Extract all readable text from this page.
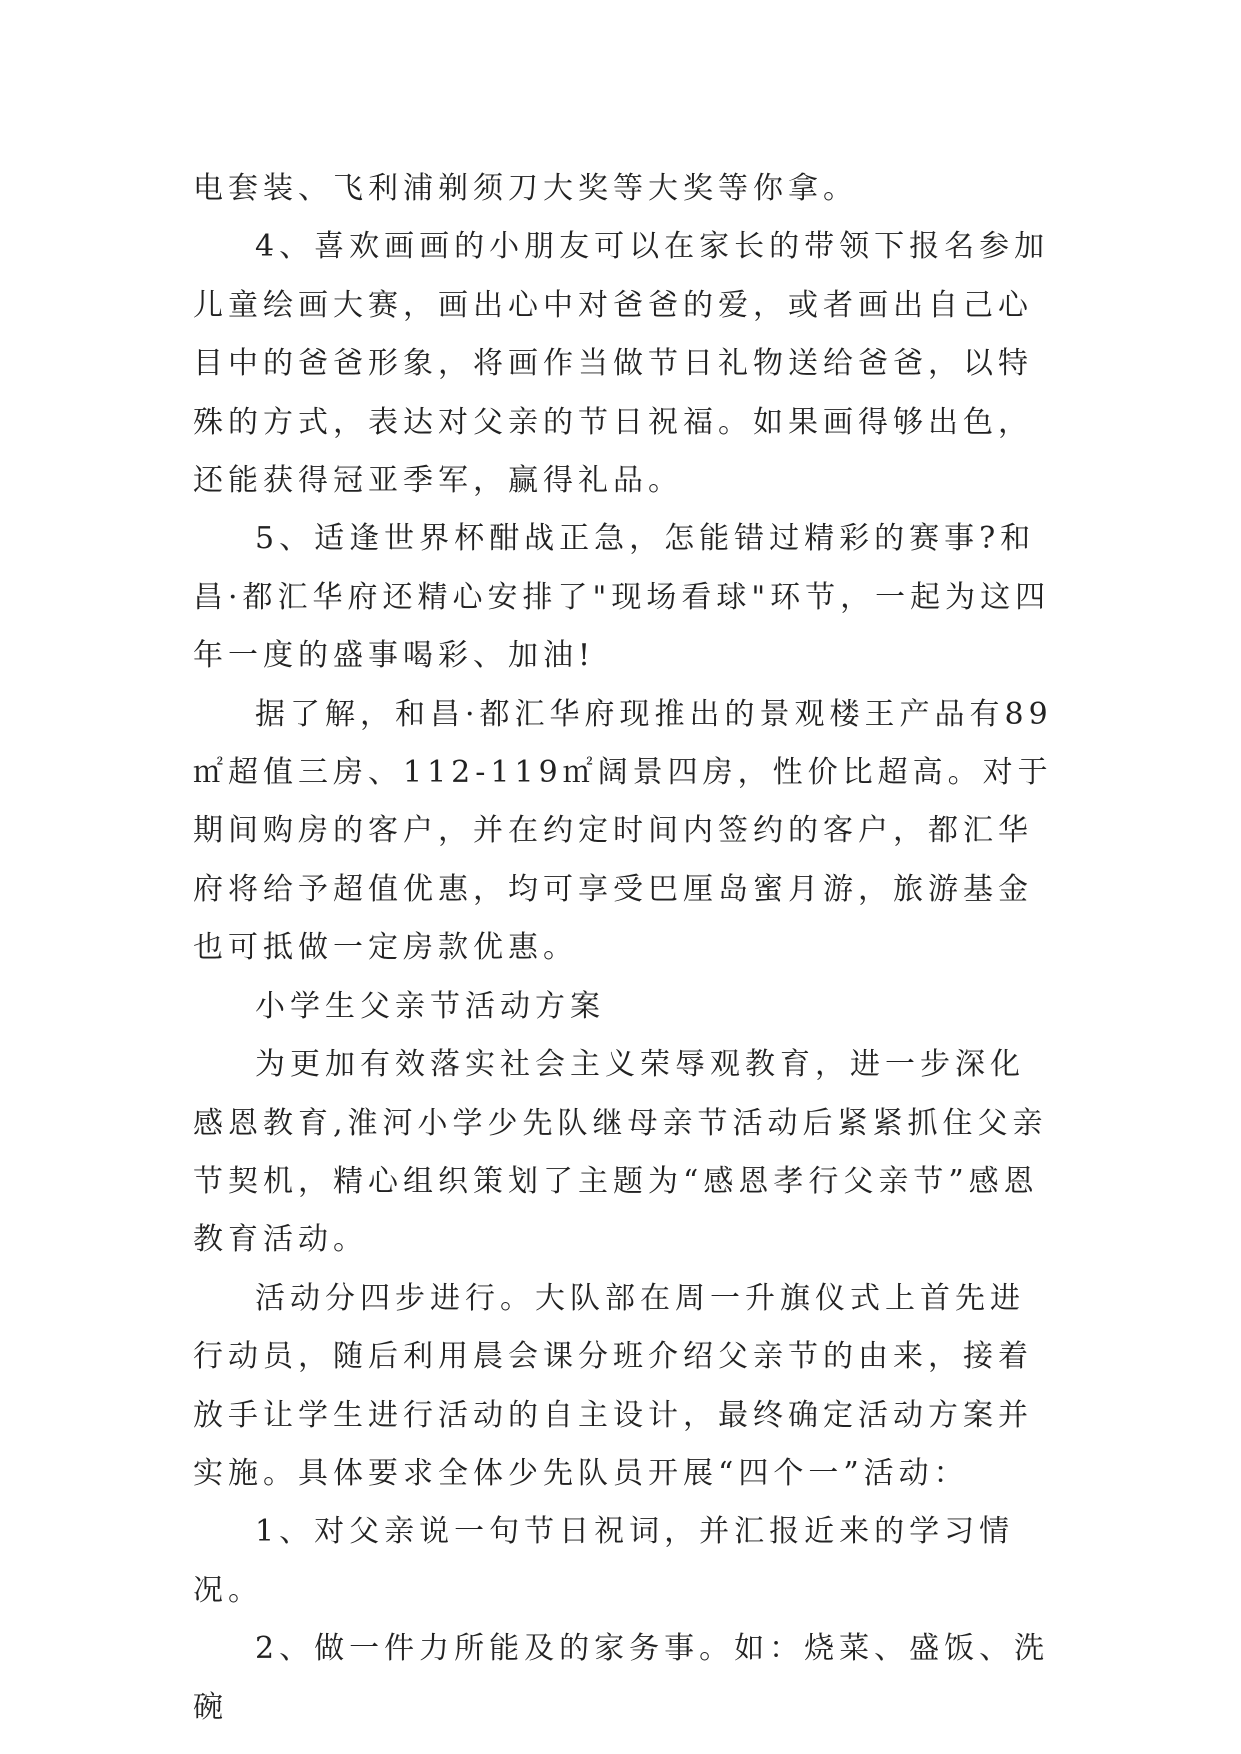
电套装、飞利浦剃须刀大奖等大奖等你拿。

4、喜欢画画的小朋友可以在家长的带领下报名参加儿童绘画大赛，画出心中对爸爸的爱，或者画出自己心目中的爸爸形象，将画作当做节日礼物送给爸爸，以特殊的方式，表达对父亲的节日祝福。如果画得够出色，还能获得冠亚季军，赢得礼品。

5、适逢世界杯酣战正急，怎能错过精彩的赛事?和昌·都汇华府还精心安排了"现场看球"环节，一起为这四年一度的盛事喝彩、加油!

据了解，和昌·都汇华府现推出的景观楼王产品有89㎡超值三房、112-119㎡阔景四房，性价比超高。对于期间购房的客户，并在约定时间内签约的客户，都汇华府将给予超值优惠，均可享受巴厘岛蜜月游，旅游基金也可抵做一定房款优惠。

小学生父亲节活动方案

为更加有效落实社会主义荣辱观教育，进一步深化感恩教育,淮河小学少先队继母亲节活动后紧紧抓住父亲节契机，精心组织策划了主题为“感恩孝行父亲节”感恩教育活动。

活动分四步进行。大队部在周一升旗仪式上首先进行动员，随后利用晨会课分班介绍父亲节的由来，接着放手让学生进行活动的自主设计，最终确定活动方案并实施。具体要求全体少先队员开展“四个一”活动：

1、对父亲说一句节日祝词，并汇报近来的学习情况。

2、做一件力所能及的家务事。如：烧菜、盛饭、洗碗
